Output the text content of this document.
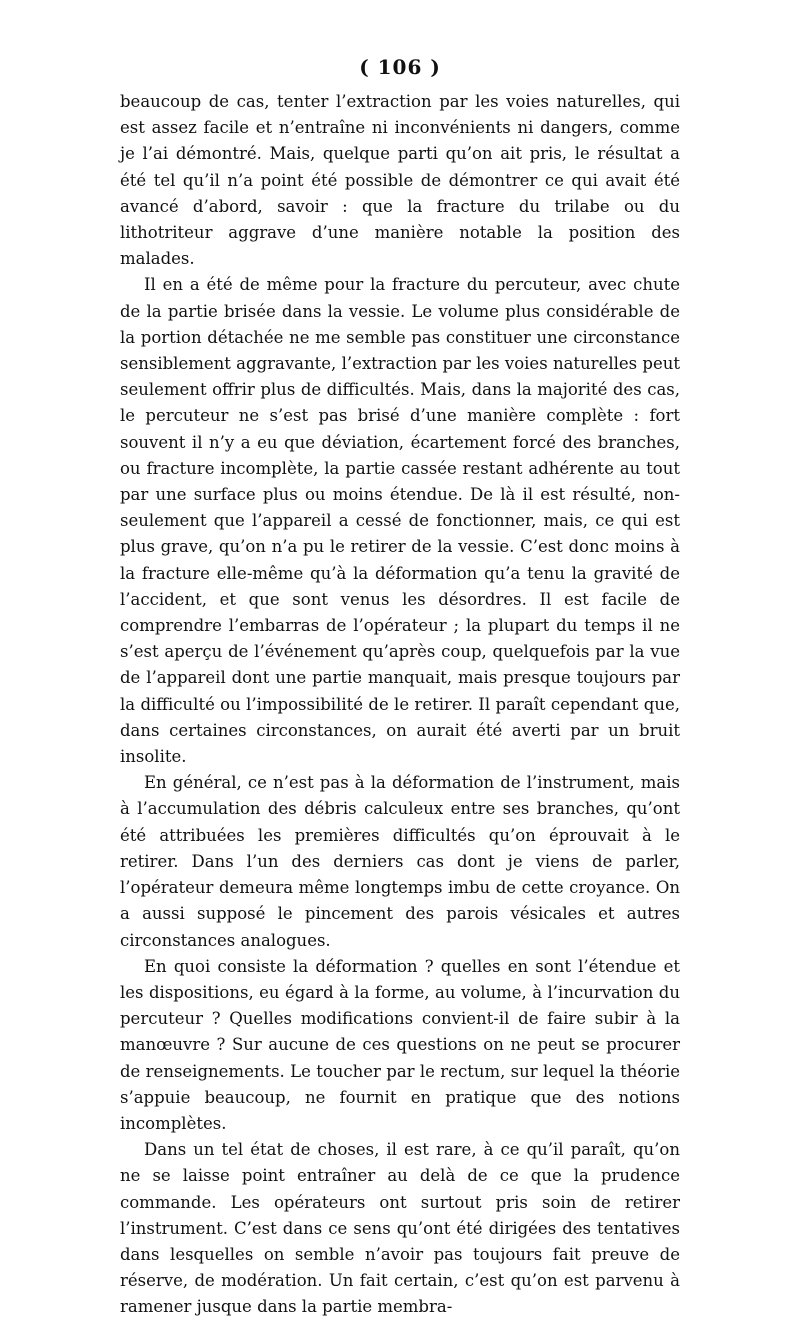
( 106 )

beaucoup de cas, tenter l’extraction par les voies naturelles, qui est assez facile et n’entraîne ni inconvénients ni dangers, comme je l’ai démontré. Mais, quelque parti qu’on ait pris, le résultat a été tel qu’il n’a point été possible de démontrer ce qui avait été avancé d’abord, savoir : que la fracture du trilabe ou du lithotriteur aggrave d’une manière notable la position des malades.

Il en a été de même pour la fracture du percuteur, avec chute de la partie brisée dans la vessie. Le volume plus considérable de la portion détachée ne me semble pas constituer une circonstance sensiblement aggravante, l’extraction par les voies naturelles peut seulement offrir plus de difficultés. Mais, dans la majorité des cas, le percuteur ne s’est pas brisé d’une manière complète : fort souvent il n’y a eu que déviation, écartement forcé des branches, ou fracture incomplète, la partie cassée restant adhérente au tout par une surface plus ou moins étendue. De là il est résulté, non-seulement que l’appareil a cessé de fonctionner, mais, ce qui est plus grave, qu’on n’a pu le retirer de la vessie. C’est donc moins à la fracture elle-même qu’à la déformation qu’a tenu la gravité de l’accident, et que sont venus les désordres. Il est facile de comprendre l’embarras de l’opérateur ; la plupart du temps il ne s’est aperçu de l’événement qu’après coup, quelquefois par la vue de l’appareil dont une partie manquait, mais presque toujours par la difficulté ou l’impossibilité de le retirer. Il paraît cependant que, dans certaines circonstances, on aurait été averti par un bruit insolite.

En général, ce n’est pas à la déformation de l’instrument, mais à l’accumulation des débris calculeux entre ses branches, qu’ont été attribuées les premières difficultés qu’on éprouvait à le retirer. Dans l’un des derniers cas dont je viens de parler, l’opérateur demeura même longtemps imbu de cette croyance. On a aussi supposé le pincement des parois vésicales et autres circonstances analogues.

En quoi consiste la déformation ? quelles en sont l’étendue et les dispositions, eu égard à la forme, au volume, à l’incurvation du percuteur ? Quelles modifications convient-il de faire subir à la manœuvre ? Sur aucune de ces questions on ne peut se procurer de renseignements. Le toucher par le rectum, sur lequel la théorie s’appuie beaucoup, ne fournit en pratique que des notions incomplètes.

Dans un tel état de choses, il est rare, à ce qu’il paraît, qu’on ne se laisse point entraîner au delà de ce que la prudence commande. Les opérateurs ont surtout pris soin de retirer l’instrument. C’est dans ce sens qu’ont été dirigées des tentatives dans lesquelles on semble n’avoir pas toujours fait preuve de réserve, de modération. Un fait certain, c’est qu’on est parvenu à ramener jusque dans la partie membra-
